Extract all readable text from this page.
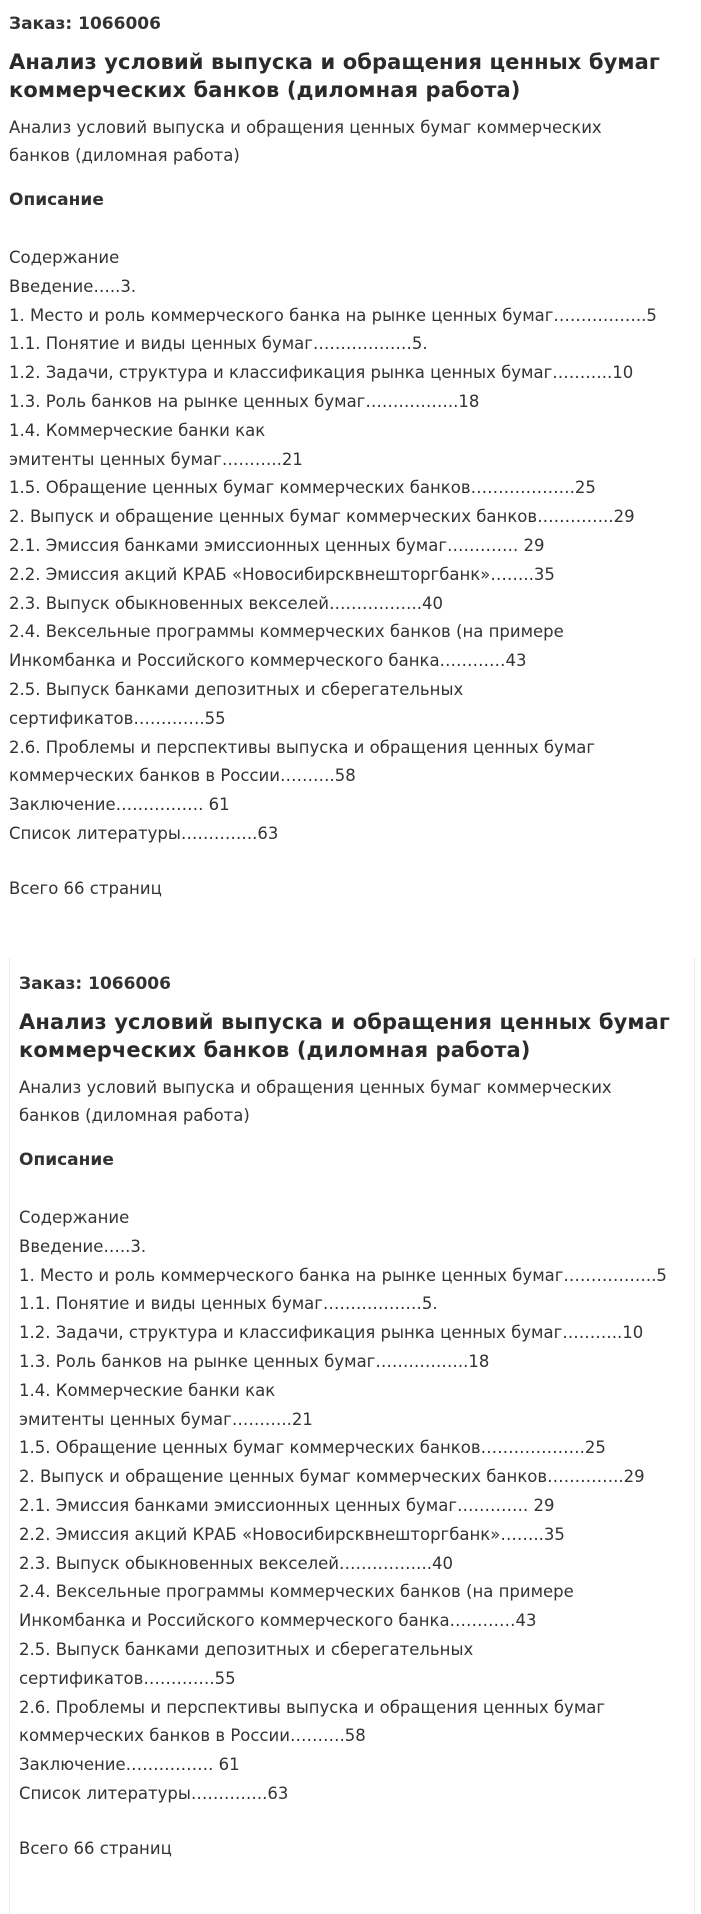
Заказ: 1066006
Анализ условий выпуска и обращения ценных бумаг
коммерческих банков (диломная работа)
Анализ условий выпуска и обращения ценных бумаг коммерческих
банков (диломная работа)
Описание
Содержание
Введение…..3.
1. Место и роль коммерческого банка на рынке ценных бумаг……………..5
1.1. Понятие и виды ценных бумаг………………5.
1.2. Задачи, структура и классификация рынка ценных бумаг………..10
1.3. Роль банков на рынке ценных бумаг……………..18
1.4. Коммерческие банки как
эмитенты ценных бумаг………..21
1.5. Обращение ценных бумаг коммерческих банков……………….25
2. Выпуск и обращение ценных бумаг коммерческих банков…………..29
2.1. Эмиссия банками эмиссионных ценных бумаг…………. 29
2.2. Эмиссия акций КРАБ «Новосибирсквнешторгбанк»……..35
2.3. Выпуск обыкновенных векселей……………..40
2.4. Вексельные программы коммерческих банков (на примере
Инкомбанка и Российского коммерческого банка…………43
2.5. Выпуск банками депозитных и сберегательных
сертификатов………….55
2.6. Проблемы и перспективы выпуска и обращения ценных бумаг
коммерческих банков в России……….58
Заключение……………. 61
Список литературы…………..63
Всего 66 страниц
Заказ: 1066006
Анализ условий выпуска и обращения ценных бумаг
коммерческих банков (диломная работа)
Анализ условий выпуска и обращения ценных бумаг коммерческих
банков (диломная работа)
Описание
Содержание
Введение…..3.
1. Место и роль коммерческого банка на рынке ценных бумаг……………..5
1.1. Понятие и виды ценных бумаг………………5.
1.2. Задачи, структура и классификация рынка ценных бумаг………..10
1.3. Роль банков на рынке ценных бумаг……………..18
1.4. Коммерческие банки как
эмитенты ценных бумаг………..21
1.5. Обращение ценных бумаг коммерческих банков……………….25
2. Выпуск и обращение ценных бумаг коммерческих банков…………..29
2.1. Эмиссия банками эмиссионных ценных бумаг…………. 29
2.2. Эмиссия акций КРАБ «Новосибирсквнешторгбанк»……..35
2.3. Выпуск обыкновенных векселей……………..40
2.4. Вексельные программы коммерческих банков (на примере
Инкомбанка и Российского коммерческого банка…………43
2.5. Выпуск банками депозитных и сберегательных
сертификатов………….55
2.6. Проблемы и перспективы выпуска и обращения ценных бумаг
коммерческих банков в России……….58
Заключение……………. 61
Список литературы…………..63
Всего 66 страниц
